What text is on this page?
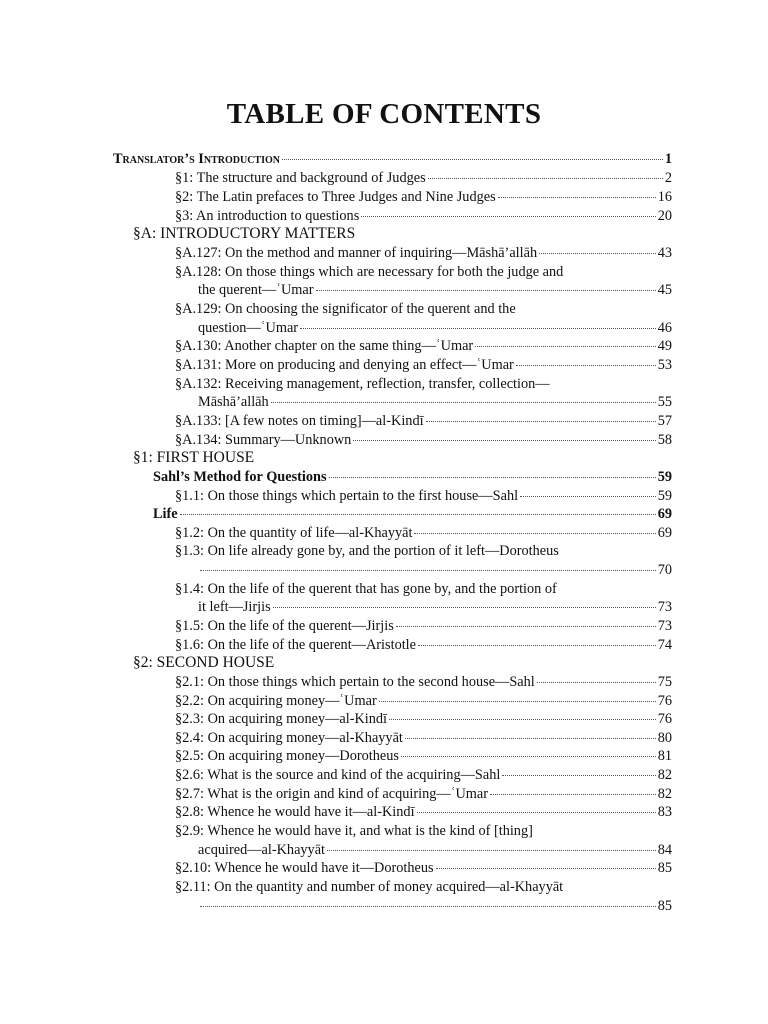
TABLE OF CONTENTS
Translator’s Introduction	1
§1: The structure and background of Judges	2
§2: The Latin prefaces to Three Judges and Nine Judges	16
§3: An introduction to questions	20
§A: INTRODUCTORY MATTERS
§A.127: On the method and manner of inquiring—Māshā’allāh	43
§A.128: On those things which are necessary for both the judge and
the querent—ʿUmar	45
§A.129: On choosing the significator of the querent and the
question—ʿUmar	46
§A.130: Another chapter on the same thing—ʿUmar	49
§A.131: More on producing and denying an effect—ʿUmar	53
§A.132: Receiving management, reflection, transfer, collection—
Māshā’allāh	55
§A.133: [A few notes on timing]—al-Kindī	57
§A.134: Summary—Unknown	58
§1: FIRST HOUSE
Sahl’s Method for Questions	59
§1.1: On those things which pertain to the first house—Sahl	59
Life	69
§1.2: On the quantity of life—al-Khayyāt	69
§1.3: On life already gone by, and the portion of it left—Dorotheus
70
§1.4: On the life of the querent that has gone by, and the portion of
it left—Jirjis	73
§1.5: On the life of the querent—Jirjis	73
§1.6: On the life of the querent—Aristotle	74
§2: SECOND HOUSE
§2.1: On those things which pertain to the second house—Sahl	75
§2.2: On acquiring money—ʿUmar	76
§2.3: On acquiring money—al-Kindī	76
§2.4: On acquiring money—al-Khayyāt	80
§2.5: On acquiring money—Dorotheus	81
§2.6: What is the source and kind of the acquiring—Sahl	82
§2.7: What is the origin and kind of acquiring—ʿUmar	82
§2.8: Whence he would have it—al-Kindī	83
§2.9: Whence he would have it, and what is the kind of [thing]
acquired—al-Khayyāt	84
§2.10: Whence he would have it—Dorotheus	85
§2.11: On the quantity and number of money acquired—al-Khayyāt
85
